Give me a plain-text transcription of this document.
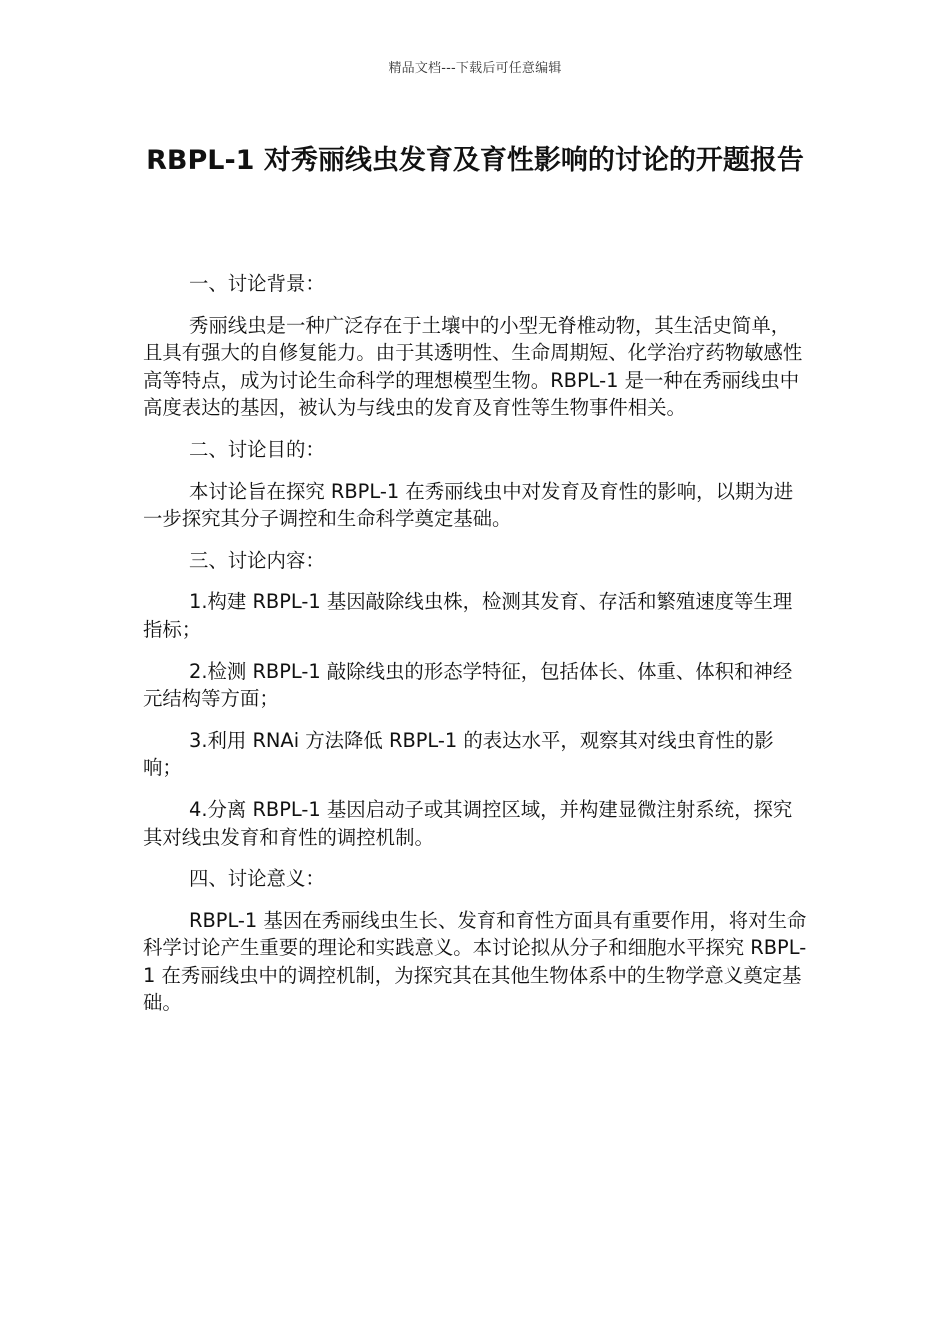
精品文档---下载后可任意编辑
RBPL-1 对秀丽线虫发育及育性影响的讨论的开题报告

一、讨论背景：

秀丽线虫是一种广泛存在于土壤中的小型无脊椎动物，其生活史简单，且具有强大的自修复能力。由于其透明性、生命周期短、化学治疗药物敏感性高等特点，成为讨论生命科学的理想模型生物。RBPL-1 是一种在秀丽线虫中高度表达的基因，被认为与线虫的发育及育性等生物事件相关。

二、讨论目的：

本讨论旨在探究 RBPL-1 在秀丽线虫中对发育及育性的影响，以期为进一步探究其分子调控和生命科学奠定基础。

三、讨论内容：

1.构建 RBPL-1 基因敲除线虫株，检测其发育、存活和繁殖速度等生理指标；

2.检测 RBPL-1 敲除线虫的形态学特征，包括体长、体重、体积和神经元结构等方面；

3.利用 RNAi 方法降低 RBPL-1 的表达水平，观察其对线虫育性的影响；

4.分离 RBPL-1 基因启动子或其调控区域，并构建显微注射系统，探究其对线虫发育和育性的调控机制。

四、讨论意义：

RBPL-1 基因在秀丽线虫生长、发育和育性方面具有重要作用，将对生命科学讨论产生重要的理论和实践意义。本讨论拟从分子和细胞水平探究 RBPL-1 在秀丽线虫中的调控机制，为探究其在其他生物体系中的生物学意义奠定基础。
